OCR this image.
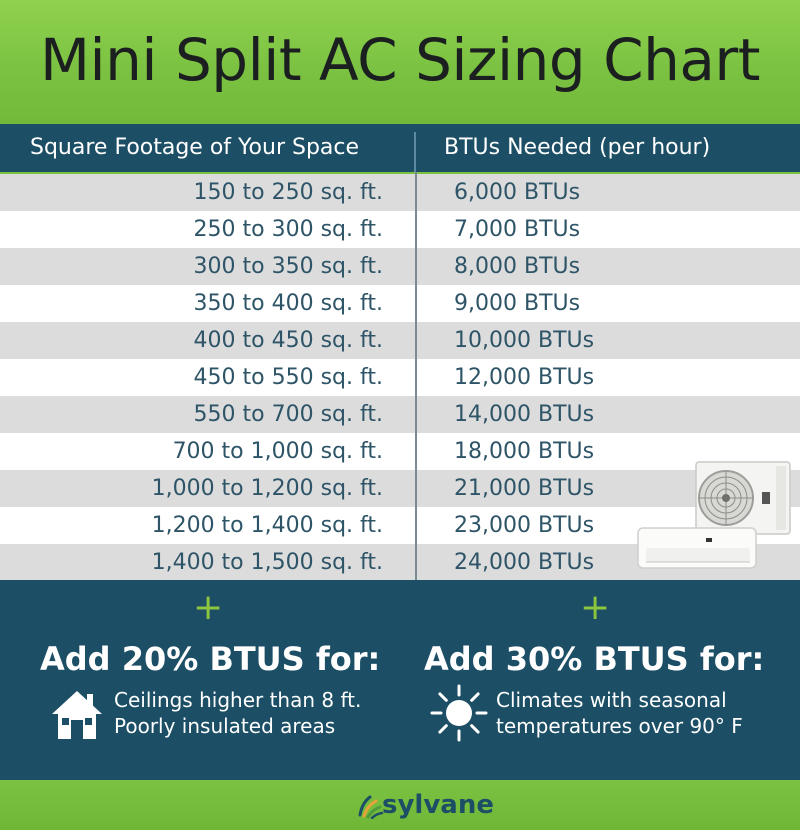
Mini Split AC Sizing Chart
Square Footage of Your Space	BTUs Needed (per hour)
150 to 250 sq. ft.	6,000 BTUs
250 to 300 sq. ft.	7,000 BTUs
300 to 350 sq. ft.	8,000 BTUs
350 to 400 sq. ft.	9,000 BTUs
400 to 450 sq. ft.	10,000 BTUs
450 to 550 sq. ft.	12,000 BTUs
550 to 700 sq. ft.	14,000 BTUs
700 to 1,000 sq. ft.	18,000 BTUs
1,000 to 1,200 sq. ft.	21,000 BTUs
1,200 to 1,400 sq. ft.	23,000 BTUs
1,400 to 1,500 sq. ft.	24,000 BTUs
+	+
Add 20% BTUS for: Add 30% BTUS for:
Ceilings higher than 8 ft.
Poorly insulated areas
Climates with seasonal
temperatures over 90° F
sylvane
